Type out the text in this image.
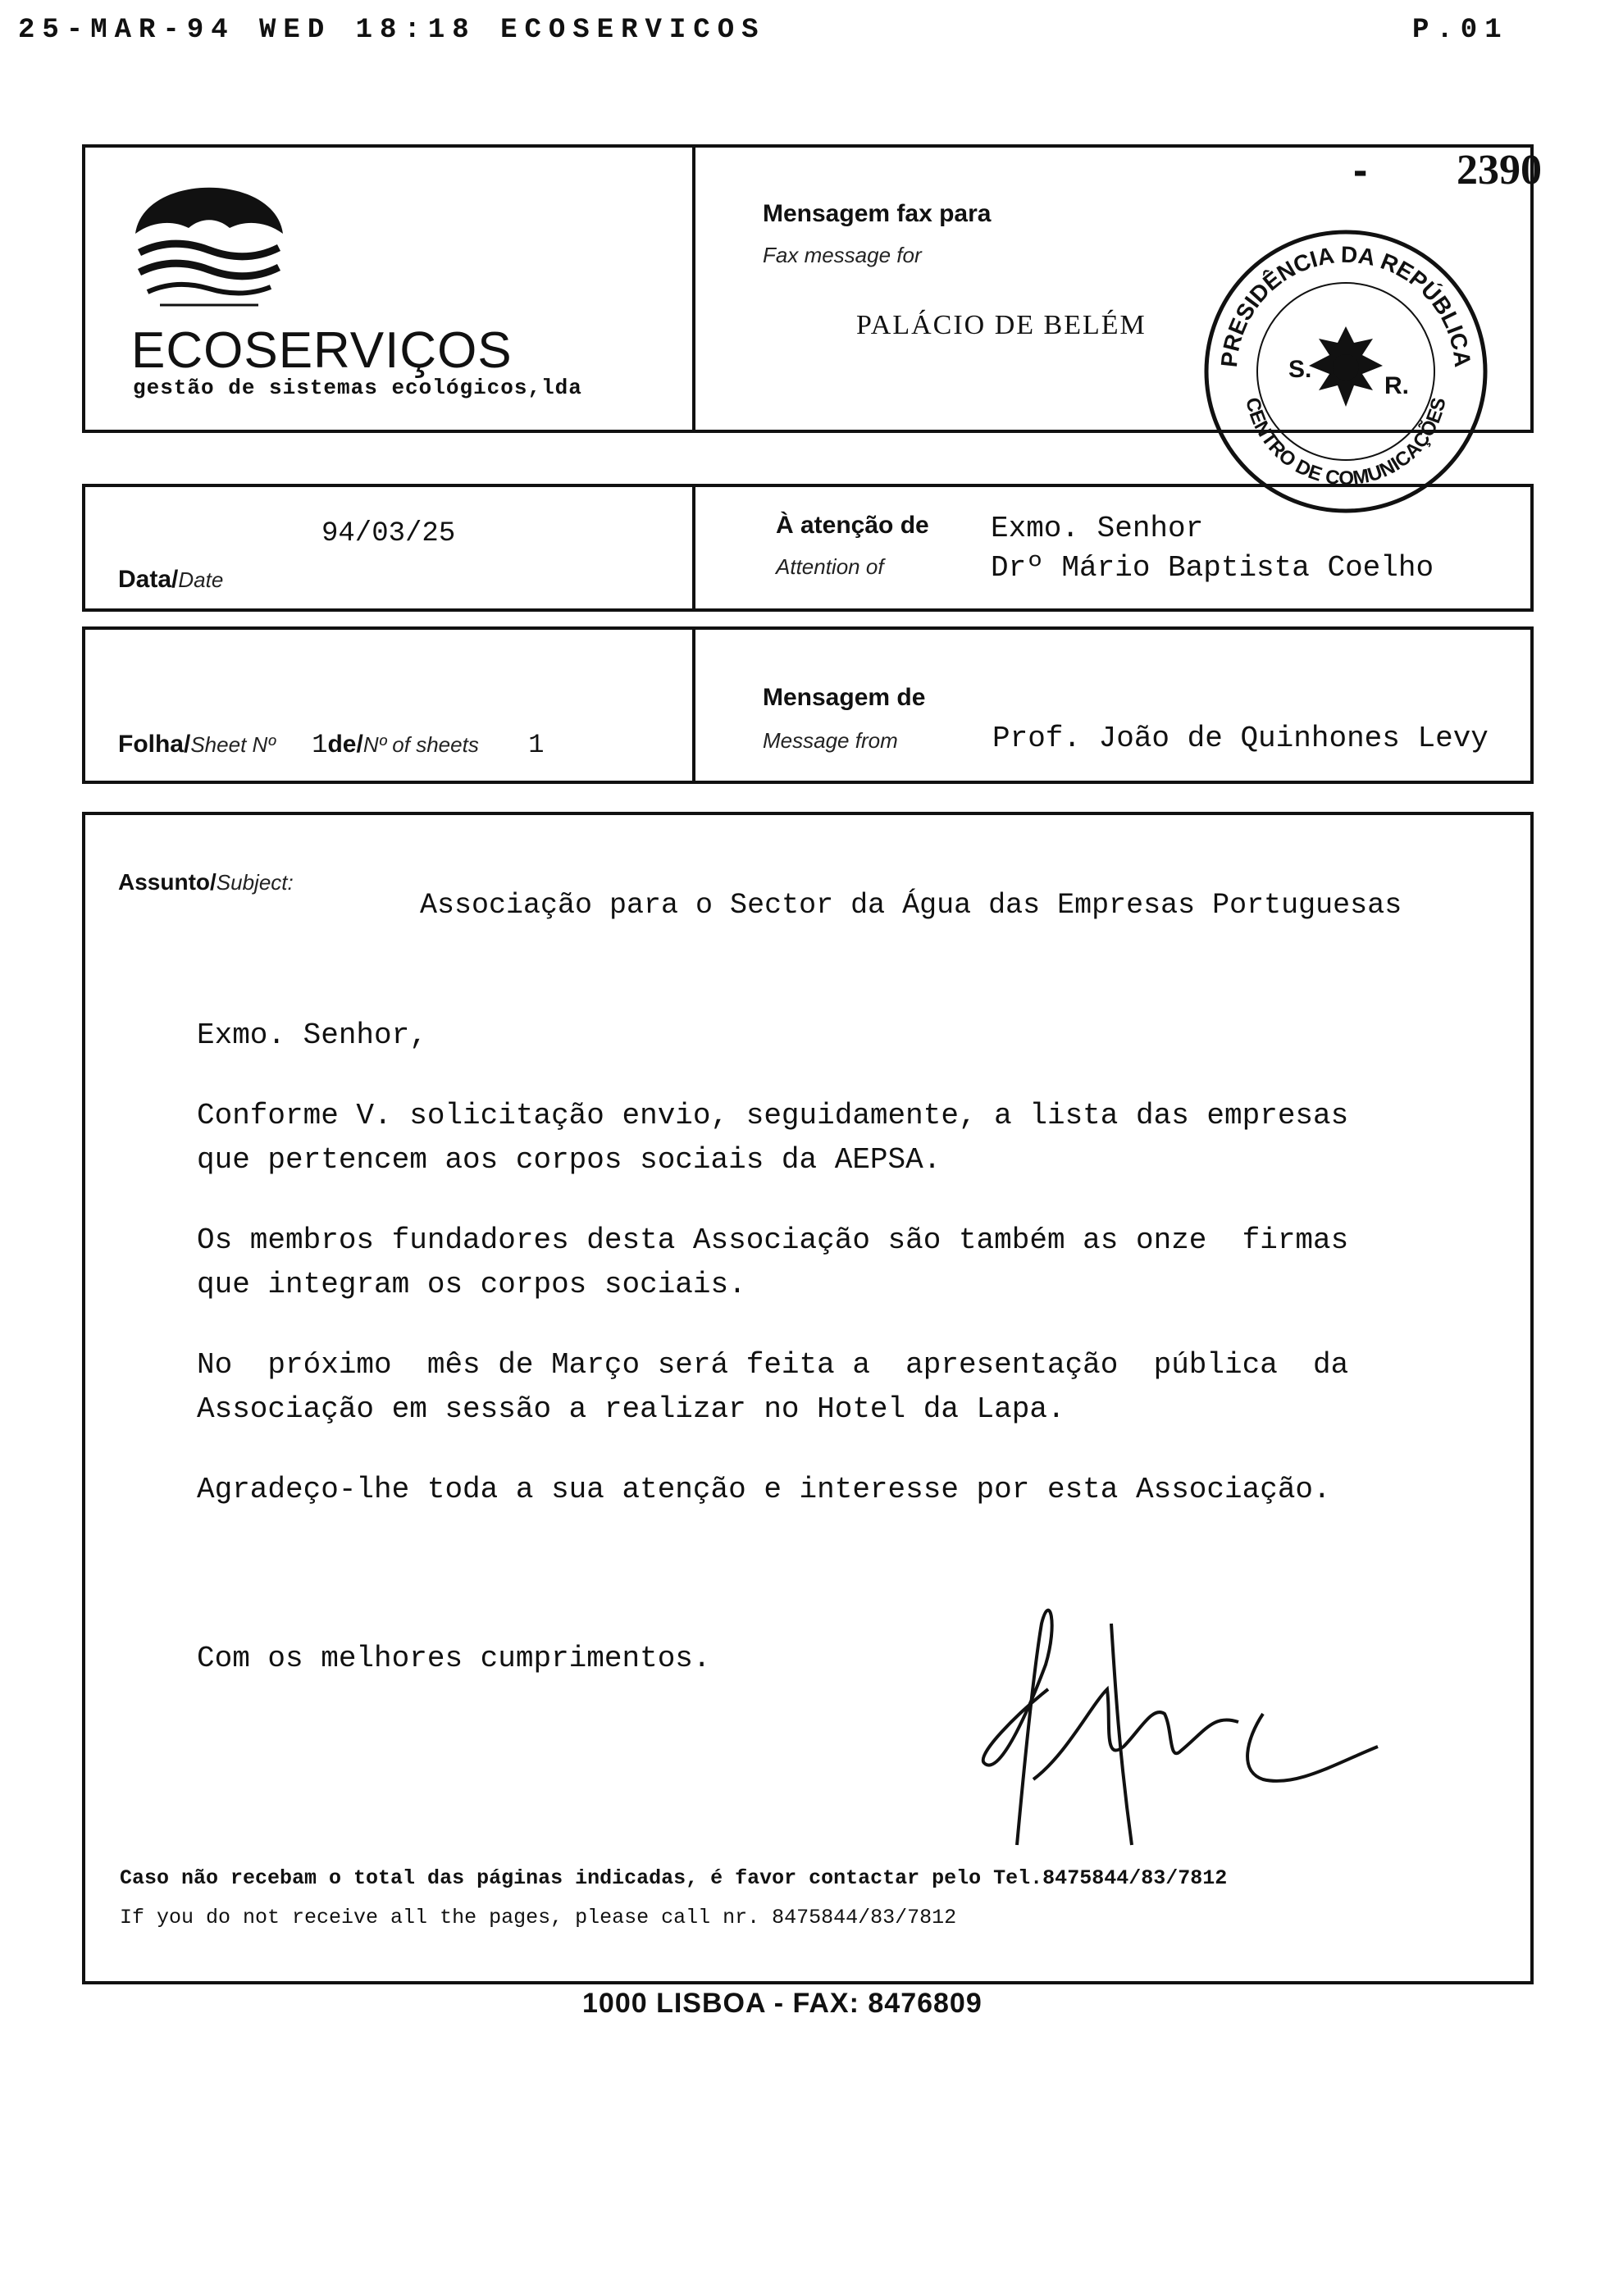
25-MAR-94 WED 18:18 ECOSERVICOS	P.01
ECOSERVIÇOS
gestão de sistemas ecológicos,lda
Mensagem fax para
Fax message for
PALÁCIO DE BELÉM
- 2390
PRESIDÊNCIA DA REPÚBLICA
CENTRO DE COMUNICAÇÕES
S.
R.
94/03/25
Data/Date
À atenção de
Attention of
Exmo. Senhor
Drº Mário Baptista Coelho
Folha/Sheet Nº 1de/Nº of sheets 1
Mensagem de
Message from	Prof. João de Quinhones Levy
Assunto/Subject:
Associação para o Sector da Água das Empresas Portuguesas
Exmo. Senhor,
Conforme V. solicitação envio, seguidamente, a lista das empresas
que pertencem aos corpos sociais da AEPSA.
Os membros fundadores desta Associação são também as onze  firmas
que integram os corpos sociais.
No  próximo  mês de Março será feita a  apresentação  pública  da
Associação em sessão a realizar no Hotel da Lapa.
Agradeço-lhe toda a sua atenção e interesse por esta Associação.
Com os melhores cumprimentos.
Caso não recebam o total das páginas indicadas, é favor contactar pelo Tel.8475844/83/7812
If you do not receive all the pages, please call nr. 8475844/83/7812
1000 LISBOA - FAX: 8476809
